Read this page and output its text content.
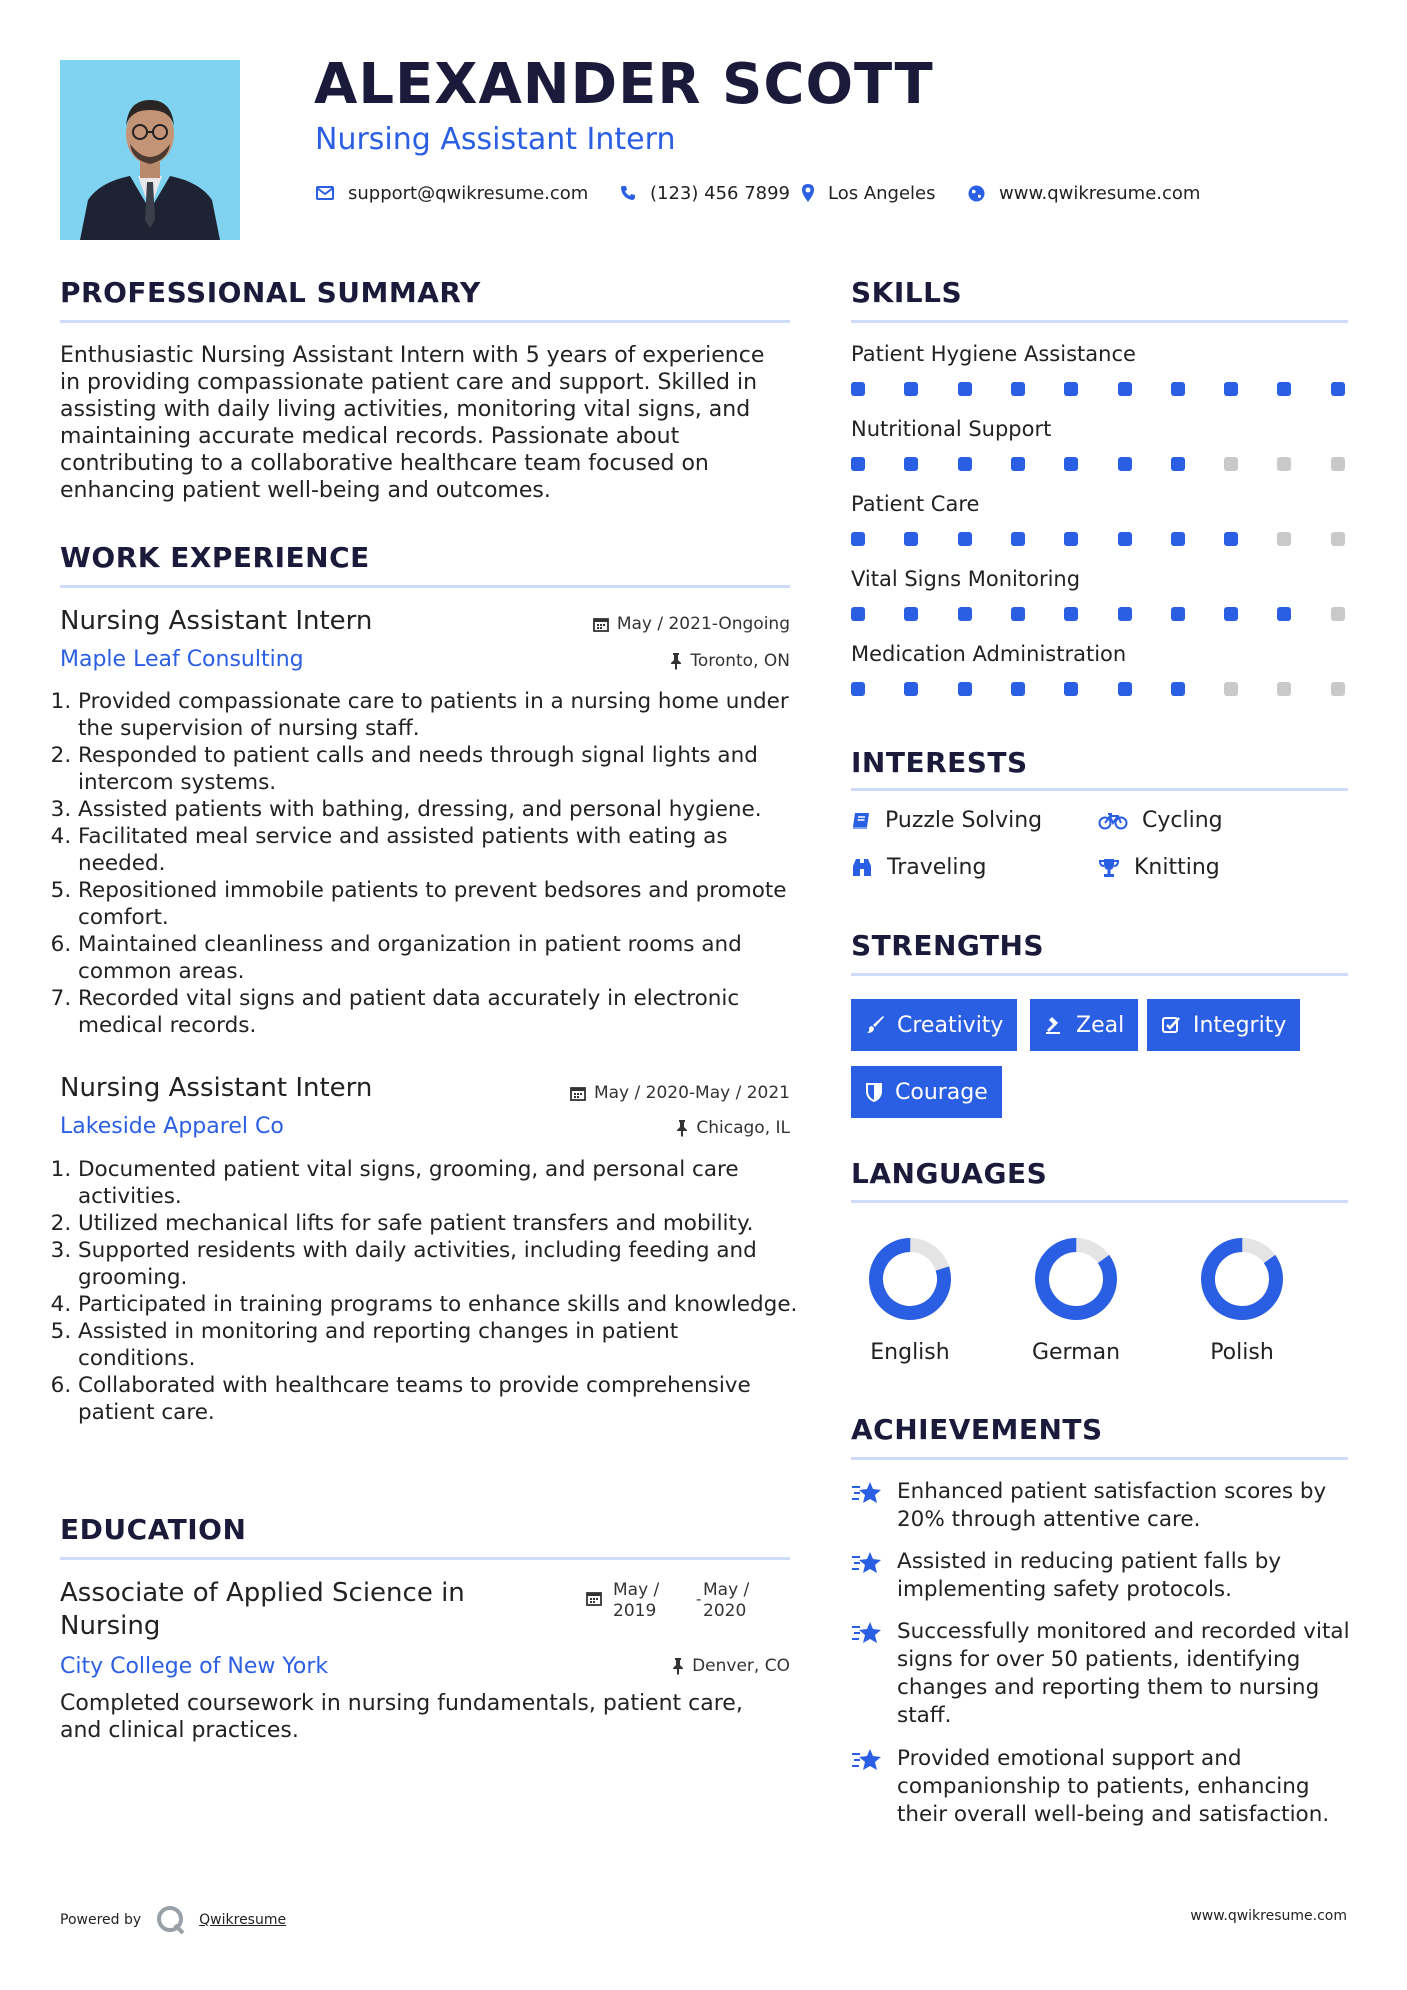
ALEXANDER SCOTT
Nursing Assistant Intern
support@qwikresume.com	(123) 456 7899 Los Angeles	www.qwikresume.com
PROFESSIONAL SUMMARY
Enthusiastic Nursing Assistant Intern with 5 years of experience in providing compassionate patient care and support. Skilled in assisting with daily living activities, monitoring vital signs, and maintaining accurate medical records. Passionate about contributing to a collaborative healthcare team focused on enhancing patient well-being and outcomes.
WORK EXPERIENCE
Nursing Assistant Intern	May / 2021-Ongoing
Maple Leaf Consulting	Toronto, ON
1. Provided compassionate care to patients in a nursing home under the supervision of nursing staff.
2. Responded to patient calls and needs through signal lights and intercom systems.
3. Assisted patients with bathing, dressing, and personal hygiene.
4. Facilitated meal service and assisted patients with eating as needed.
5. Repositioned immobile patients to prevent bedsores and promote comfort.
6. Maintained cleanliness and organization in patient rooms and common areas.
7. Recorded vital signs and patient data accurately in electronic medical records.
Nursing Assistant Intern	May / 2020-May / 2021
Lakeside Apparel Co	Chicago, IL
1. Documented patient vital signs, grooming, and personal care activities.
2. Utilized mechanical lifts for safe patient transfers and mobility.
3. Supported residents with daily activities, including feeding and grooming.
4. Participated in training programs to enhance skills and knowledge.
5. Assisted in monitoring and reporting changes in patient conditions.
6. Collaborated with healthcare teams to provide comprehensive patient care.
EDUCATION
Associate of Applied Science in
Nursing
May /
2019
- May /
2020
City College of New York	Denver, CO
Completed coursework in nursing fundamentals, patient care, and clinical practices.
SKILLS
Patient Hygiene Assistance
Nutritional Support
Patient Care
Vital Signs Monitoring
Medication Administration
INTERESTS
Puzzle Solving	Cycling
Traveling	Knitting
STRENGTHS
Creativity	Zeal	Integrity
Courage
LANGUAGES
English	German	Polish
ACHIEVEMENTS
Enhanced patient satisfaction scores by 20% through attentive care.
Assisted in reducing patient falls by implementing safety protocols.
Successfully monitored and recorded vital signs for over 50 patients, identifying changes and reporting them to nursing staff.
Provided emotional support and companionship to patients, enhancing their overall well-being and satisfaction.
Powered by	Qwikresume	www.qwikresume.com
